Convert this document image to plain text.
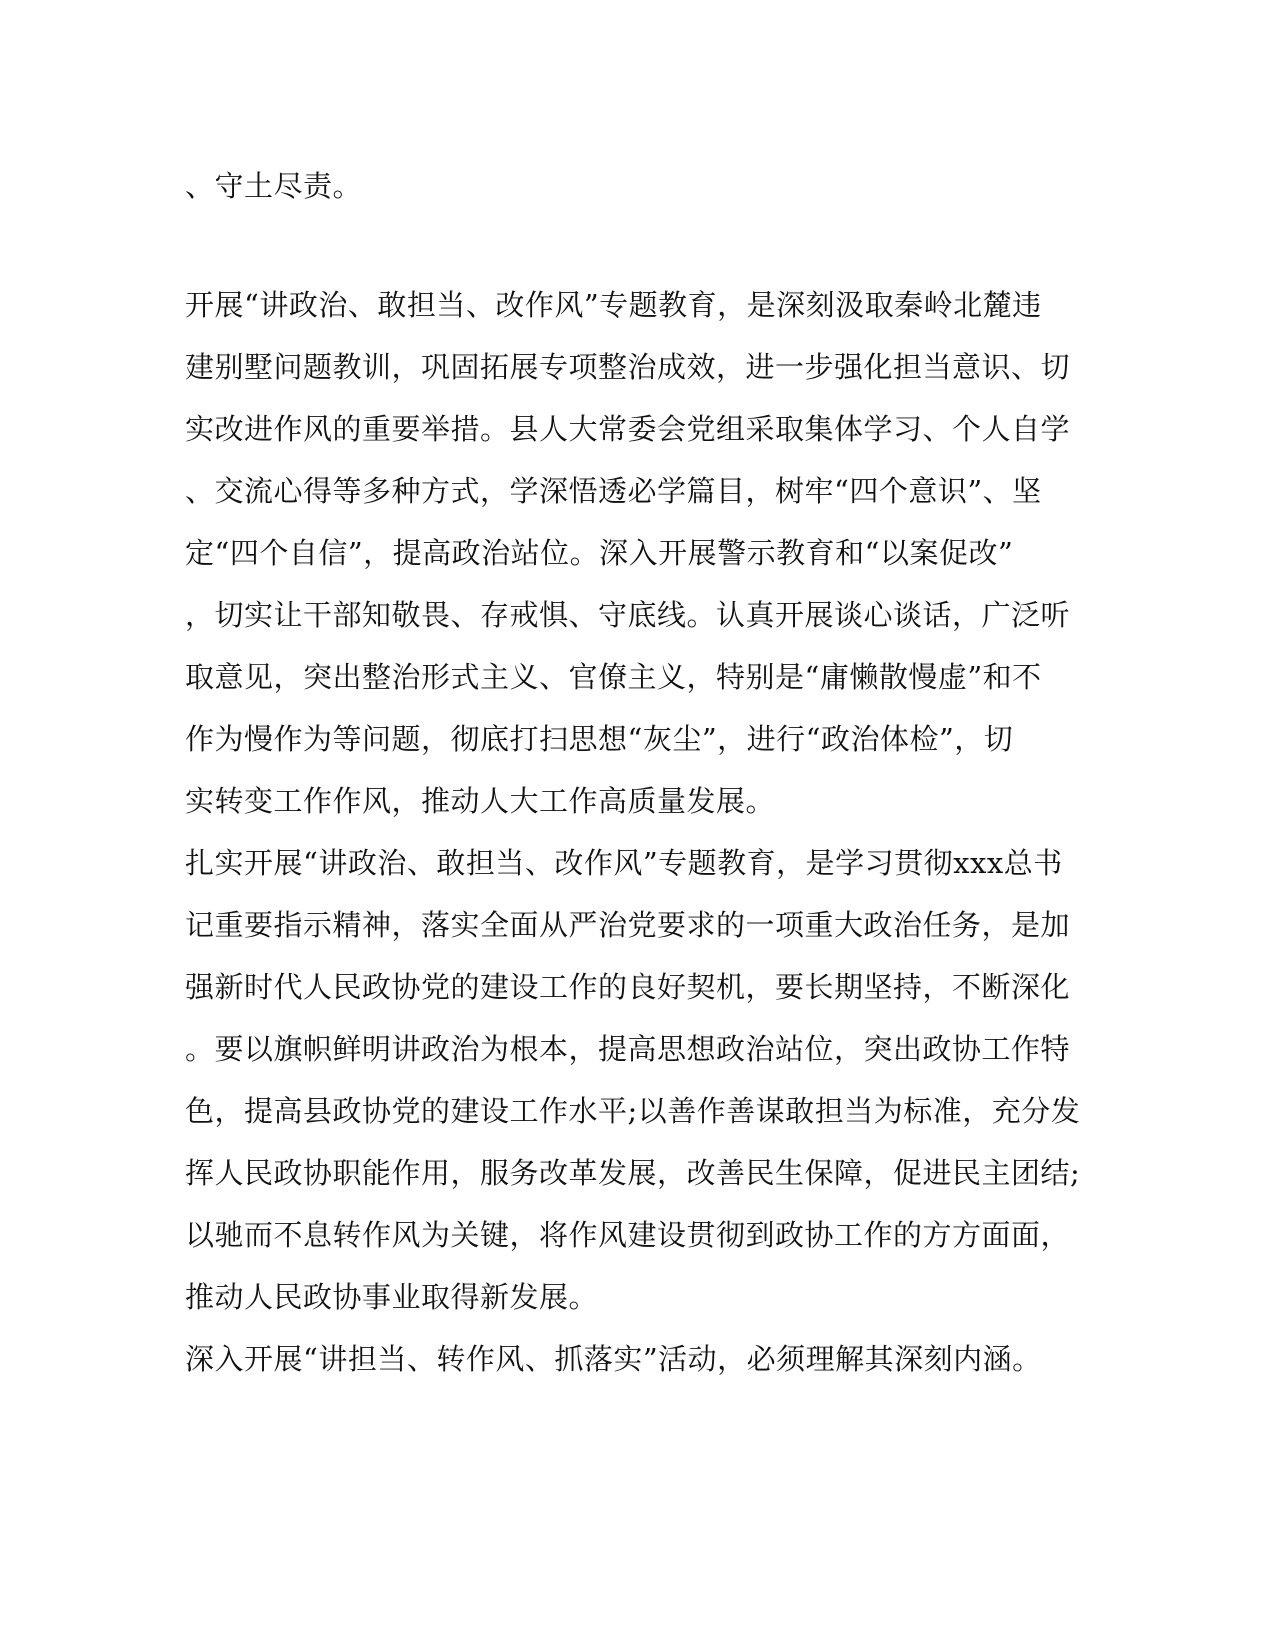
、守土尽责。
开展“讲政治、敢担当、改作风”专题教育，是深刻汲取秦岭北麓违
建别墅问题教训，巩固拓展专项整治成效，进一步强化担当意识、切
实改进作风的重要举措。县人大常委会党组采取集体学习、个人自学
、交流心得等多种方式，学深悟透必学篇目，树牢“四个意识”、坚
定“四个自信”，提高政治站位。深入开展警示教育和“以案促改”
，切实让干部知敬畏、存戒惧、守底线。认真开展谈心谈话，广泛听
取意见，突出整治形式主义、官僚主义，特别是“庸懒散慢虚”和不
作为慢作为等问题，彻底打扫思想“灰尘”，进行“政治体检”，切
实转变工作作风，推动人大工作高质量发展。
扎实开展“讲政治、敢担当、改作风”专题教育，是学习贯彻xxx总书
记重要指示精神，落实全面从严治党要求的一项重大政治任务，是加
强新时代人民政协党的建设工作的良好契机，要长期坚持，不断深化
。要以旗帜鲜明讲政治为根本，提高思想政治站位，突出政协工作特
色，提高县政协党的建设工作水平;以善作善谋敢担当为标准，充分发
挥人民政协职能作用，服务改革发展，改善民生保障，促进民主团结;
以驰而不息转作风为关键，将作风建设贯彻到政协工作的方方面面，
推动人民政协事业取得新发展。
深入开展“讲担当、转作风、抓落实”活动，必须理解其深刻内涵。
